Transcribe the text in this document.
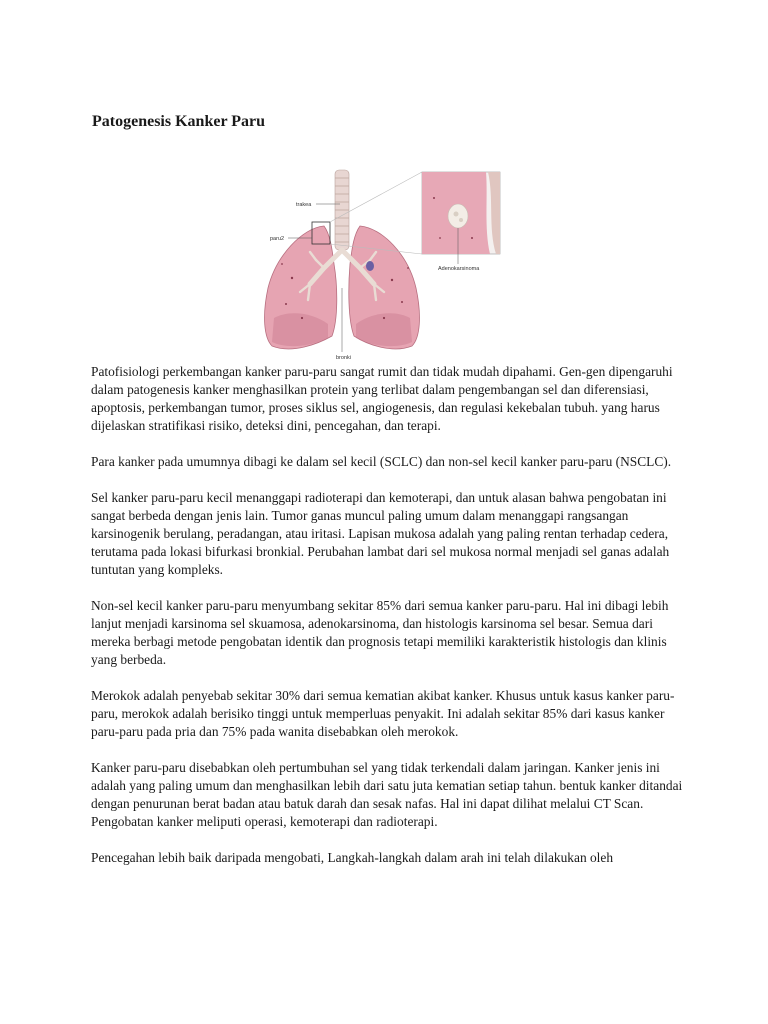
Patogenesis Kanker Paru
trakea
paru2
Adenokarsinoma
bronki

Patofisiologi perkembangan kanker paru-paru sangat rumit dan tidak mudah dipahami. Gen-gen dipengaruhi dalam patogenesis kanker menghasilkan protein yang terlibat dalam pengembangan sel dan diferensiasi, apoptosis, perkembangan tumor, proses siklus sel, angiogenesis, dan regulasi kekebalan tubuh. yang harus dijelaskan stratifikasi risiko, deteksi dini, pencegahan, dan terapi.

Para kanker pada umumnya dibagi ke dalam sel kecil (SCLC) dan non-sel kecil kanker paru-paru (NSCLC).

Sel kanker paru-paru kecil menanggapi radioterapi dan kemoterapi, dan untuk alasan bahwa pengobatan ini sangat berbeda dengan jenis lain. Tumor ganas muncul paling umum dalam menanggapi rangsangan karsinogenik berulang, peradangan, atau iritasi. Lapisan mukosa adalah yang paling rentan terhadap cedera, terutama pada lokasi bifurkasi bronkial. Perubahan lambat dari sel mukosa normal menjadi sel ganas adalah tuntutan yang kompleks.

Non-sel kecil kanker paru-paru menyumbang sekitar 85% dari semua kanker paru-paru. Hal ini dibagi lebih lanjut menjadi karsinoma sel skuamosa, adenokarsinoma, dan histologis karsinoma sel besar. Semua dari mereka berbagi metode pengobatan identik dan prognosis tetapi memiliki karakteristik histologis dan klinis yang berbeda.

Merokok adalah penyebab sekitar 30% dari semua kematian akibat kanker. Khusus untuk kasus kanker paru-paru, merokok adalah berisiko tinggi untuk memperluas penyakit. Ini adalah sekitar 85% dari kasus kanker paru-paru pada pria dan 75% pada wanita disebabkan oleh merokok.

Kanker paru-paru disebabkan oleh pertumbuhan sel yang tidak terkendali dalam jaringan. Kanker jenis ini adalah yang paling umum dan menghasilkan lebih dari satu juta kematian setiap tahun. bentuk kanker ditandai dengan penurunan berat badan atau batuk darah dan sesak nafas. Hal ini dapat dilihat melalui CT Scan. Pengobatan kanker meliputi operasi, kemoterapi dan radioterapi.

Pencegahan lebih baik daripada mengobati, Langkah-langkah dalam arah ini telah dilakukan oleh
